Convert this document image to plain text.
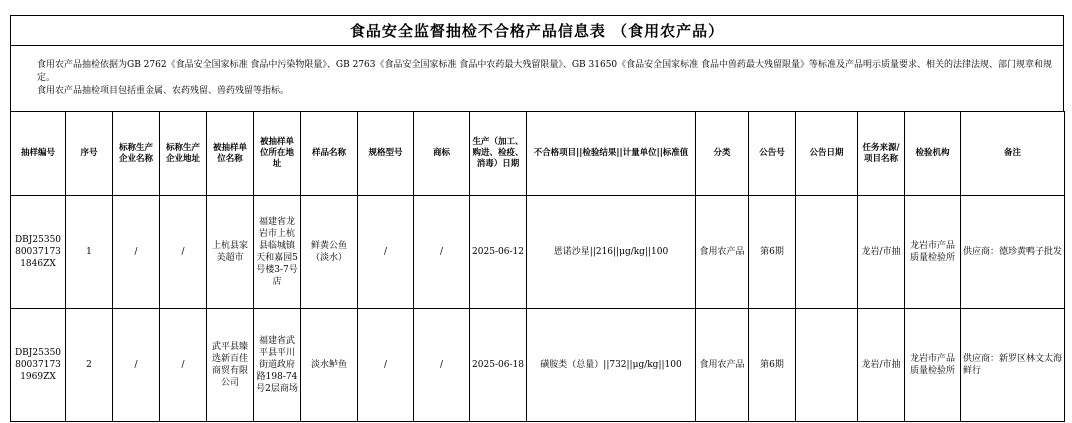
食品安全监督抽检不合格产品信息表 （食用农产品）

食用农产品抽检依据为GB 2762《食品安全国家标准 食品中污染物限量》、GB 2763《食品安全国家标准 食品中农药最大残留限量》、GB 31650《食品安全国家标准 食品中兽药最大残留限量》等标准及产品明示质量要求、相关的法律法规、部门规章和规定。

食用农产品抽检项目包括重金属、农药残留、兽药残留等指标。

抽样编号	序号	标称生产企业名称	标称生产企业地址	被抽样单位名称	被抽样单位所在地址	样品名称	规格型号	商标	生产（加工、购进、检疫、消毒）日期	不合格项目||检验结果||计量单位||标准值	分类	公告号	公告日期	任务来源/项目名称	检验机构	备注
DBJ25350800371731846ZX	1	/	/	上杭县家美超市	福建省龙岩市上杭县临城镇天和嘉园5号楼3-7号店	鲜黄公鱼（淡水）	/	/	2025-06-12	恩诺沙星||216||μg/kg||100	食用农产品	第6期		龙岩/市抽	龙岩市产品质量检验所	供应商：德珍黄鸭子批发
DBJ25350800371731969ZX	2	/	/	武平县臻选新百佳商贸有限公司	福建省武平县平川街道政府路198-74号2层商场	淡水鲈鱼	/	/	2025-06-18	磺胺类（总量）||732||μg/kg||100	食用农产品	第6期		龙岩/市抽	龙岩市产品质量检验所	供应商：新罗区林文太海鲜行
